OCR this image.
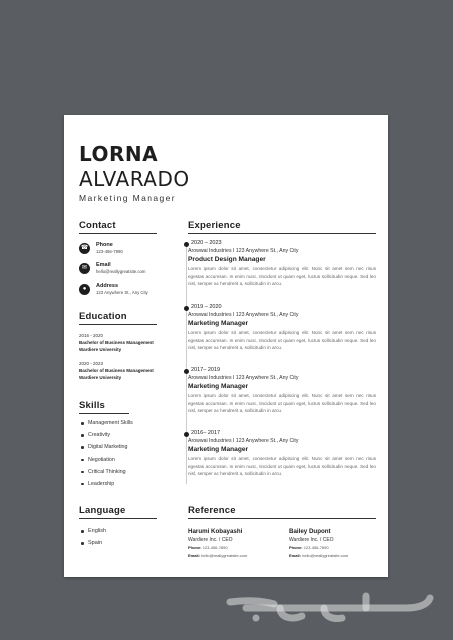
LORNA
ALVARADO
Marketing Manager
Contact
☎	Phone
123-456-7890
✉	Email
hello@reallygreatsite.com
●	Address
123 Anywhere St., Any City
Education
2016 - 2020
Bachelor of Business Management
Wardiere University
2020 - 2023
Bachelor of Business Management
Wardiere University
Skills
Management Skills
Creativity
Digital Marketing
Negotiation
Critical Thinking
Leadership
Language
English
Spain
Experience
2020 – 2023
Arowwai Industries I 123 Anywhere St., Any City
Product Design Manager
Lorem ipsum dolor sit amet, consectetur adipiscing elit. Nunc sit amet sem nec risus egestas accumsan. In enim nunc, tincidunt ut quam eget, luctus sollicitudin neque. Sed leo nisl, semper ac hendrerit a, sollicitudin in arcu.
2019 – 2020
Arowwai Industries I 123 Anywhere St., Any City
Marketing Manager
Lorem ipsum dolor sit amet, consectetur adipiscing elit. Nunc sit amet sem nec risus egestas accumsan. In enim nunc, tincidunt ut quam eget, luctus sollicitudin neque. Sed leo nisl, semper ac hendrerit a, sollicitudin in arcu.
2017– 2019
Arowwai Industries I 123 Anywhere St., Any City
Marketing Manager
Lorem ipsum dolor sit amet, consectetur adipiscing elit. Nunc sit amet sem nec risus egestas accumsan. In enim nunc, tincidunt ut quam eget, luctus sollicitudin neque. Sed leo nisl, semper ac hendrerit a, sollicitudin in arcu.
2016– 2017
Arowwai Industries I 123 Anywhere St., Any City
Marketing Manager
Lorem ipsum dolor sit amet, consectetur adipiscing elit. Nunc sit amet sem nec risus egestas accumsan. In enim nunc, tincidunt ut quam eget, luctus sollicitudin neque. Sed leo nisl, semper ac hendrerit a, sollicitudin in arcu.
Reference
Harumi Kobayashi
Wardiere Inc. / CEO
Phone: 123-456-7890
Email: hello@reallygreatsite.com
Bailey Dupont
Wardiere Inc. / CEO
Phone: 123-456-7890
Email: hello@reallygreatsite.com
